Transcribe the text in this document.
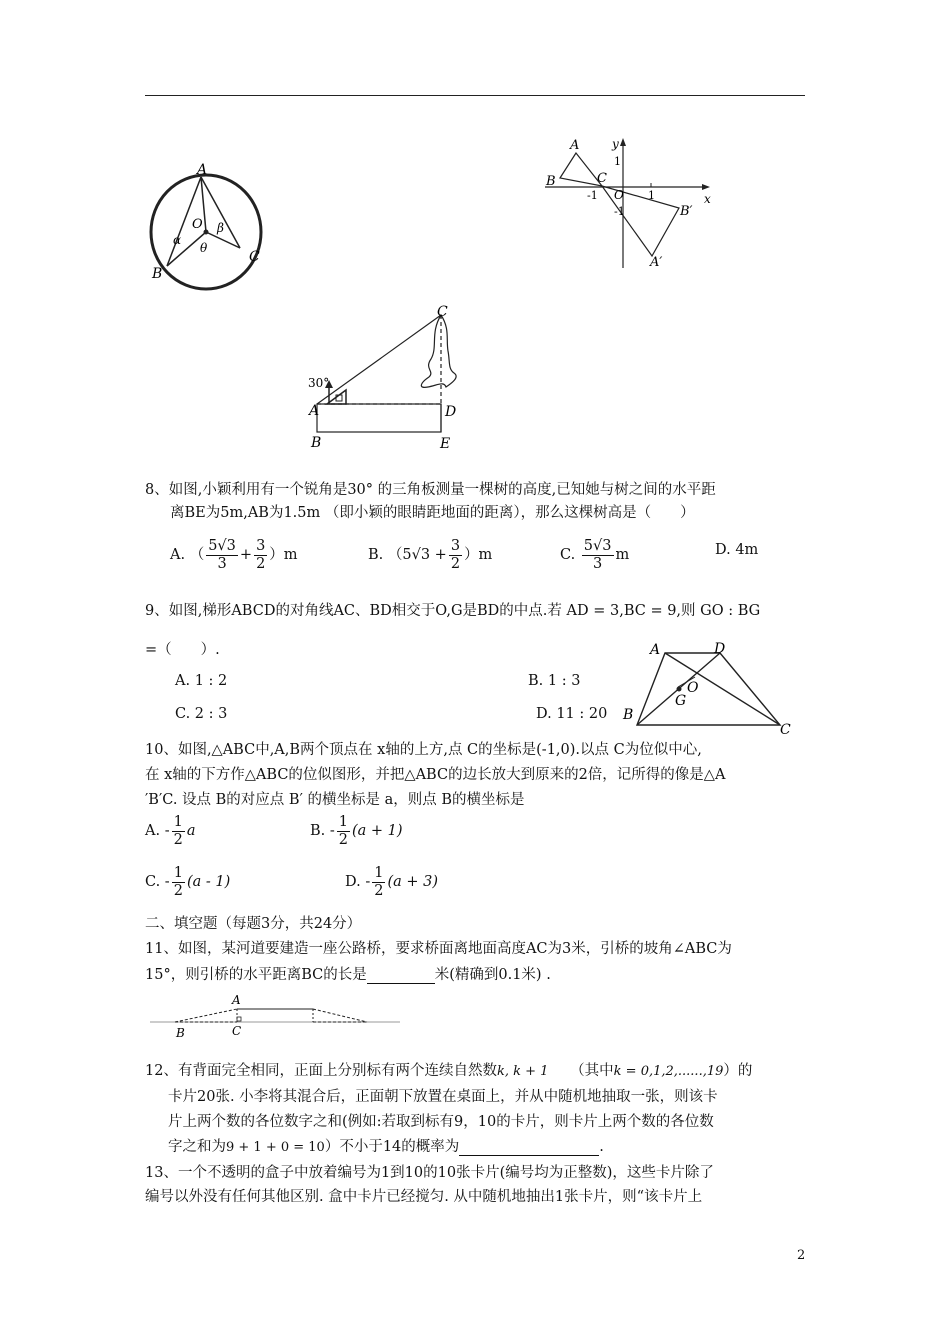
A
B
C
O
α
β
θ
A
B	C
O
B′
A′
x
y
1
-1
-1
1
C
30°
A	D
B	E
8、如图,小颖利用有一个锐角是30° 的三角板测量一棵树的高度,已知她与树之间的水平距
离BE为5m,AB为1.5m （即小颖的眼睛距地面的距离），那么这棵树高是（　　）
A. （ $\frac{5√3}{3} + \frac{3}{2} )m$	B. $(5√3 + \frac{3}{2} )m$	C. $\frac{5√3}{3}$ m	D. 4m
9、如图,梯形ABCD的对角线AC、BD相交于O,G是BD的中点.若 AD = 3,BC = 9,则 GO : BG
=（　　）.
A. 1 : 2	B. 1 : 3
C. 2 : 3	D. 11 : 20
A	D
O
G
B
C
10、如图,△ABC中,A,B两个顶点在 x轴的上方,点 C的坐标是(-1,0).以点 C为位似中心,
在 x轴的下方作△ABC的位似图形，并把△ABC的边长放大到原来的2倍，记所得的像是△A
′B′C. 设点 B的对应点 B′ 的横坐标是 a，则点 B的横坐标是
A. - $\frac{1}{2}$ a	B. - $\frac{1}{2} (a + 1)$
C. - $\frac{1}{2} (a - 1)$	D. - $\frac{1}{2} (a + 3)$
二、填空题（每题3分，共24分）
11、如图，某河道要建造一座公路桥，要求桥面离地面高度AC为3米，引桥的坡角∠ABC为
15°，则引桥的水平距离BC的长是	米(精确到0.1米) .
A
B	C
12、有背面完全相同，正面上分别标有两个连续自然数k, k + 1　　 （其中k = 0,1,2,......,19）的
卡片20张. 小李将其混合后，正面朝下放置在桌面上，并从中随机地抽取一张，则该卡
片上两个数的各位数字之和(例如:若取到标有9，10的卡片，则卡片上两个数的各位数
字之和为9 + 1 + 0 = 10）不小于14的概率为	.
13、一个不透明的盒子中放着编号为1到10的10张卡片(编号均为正整数)，这些卡片除了
编号以外没有任何其他区别. 盒中卡片已经搅匀. 从中随机地抽出1张卡片，则“该卡片上
2
